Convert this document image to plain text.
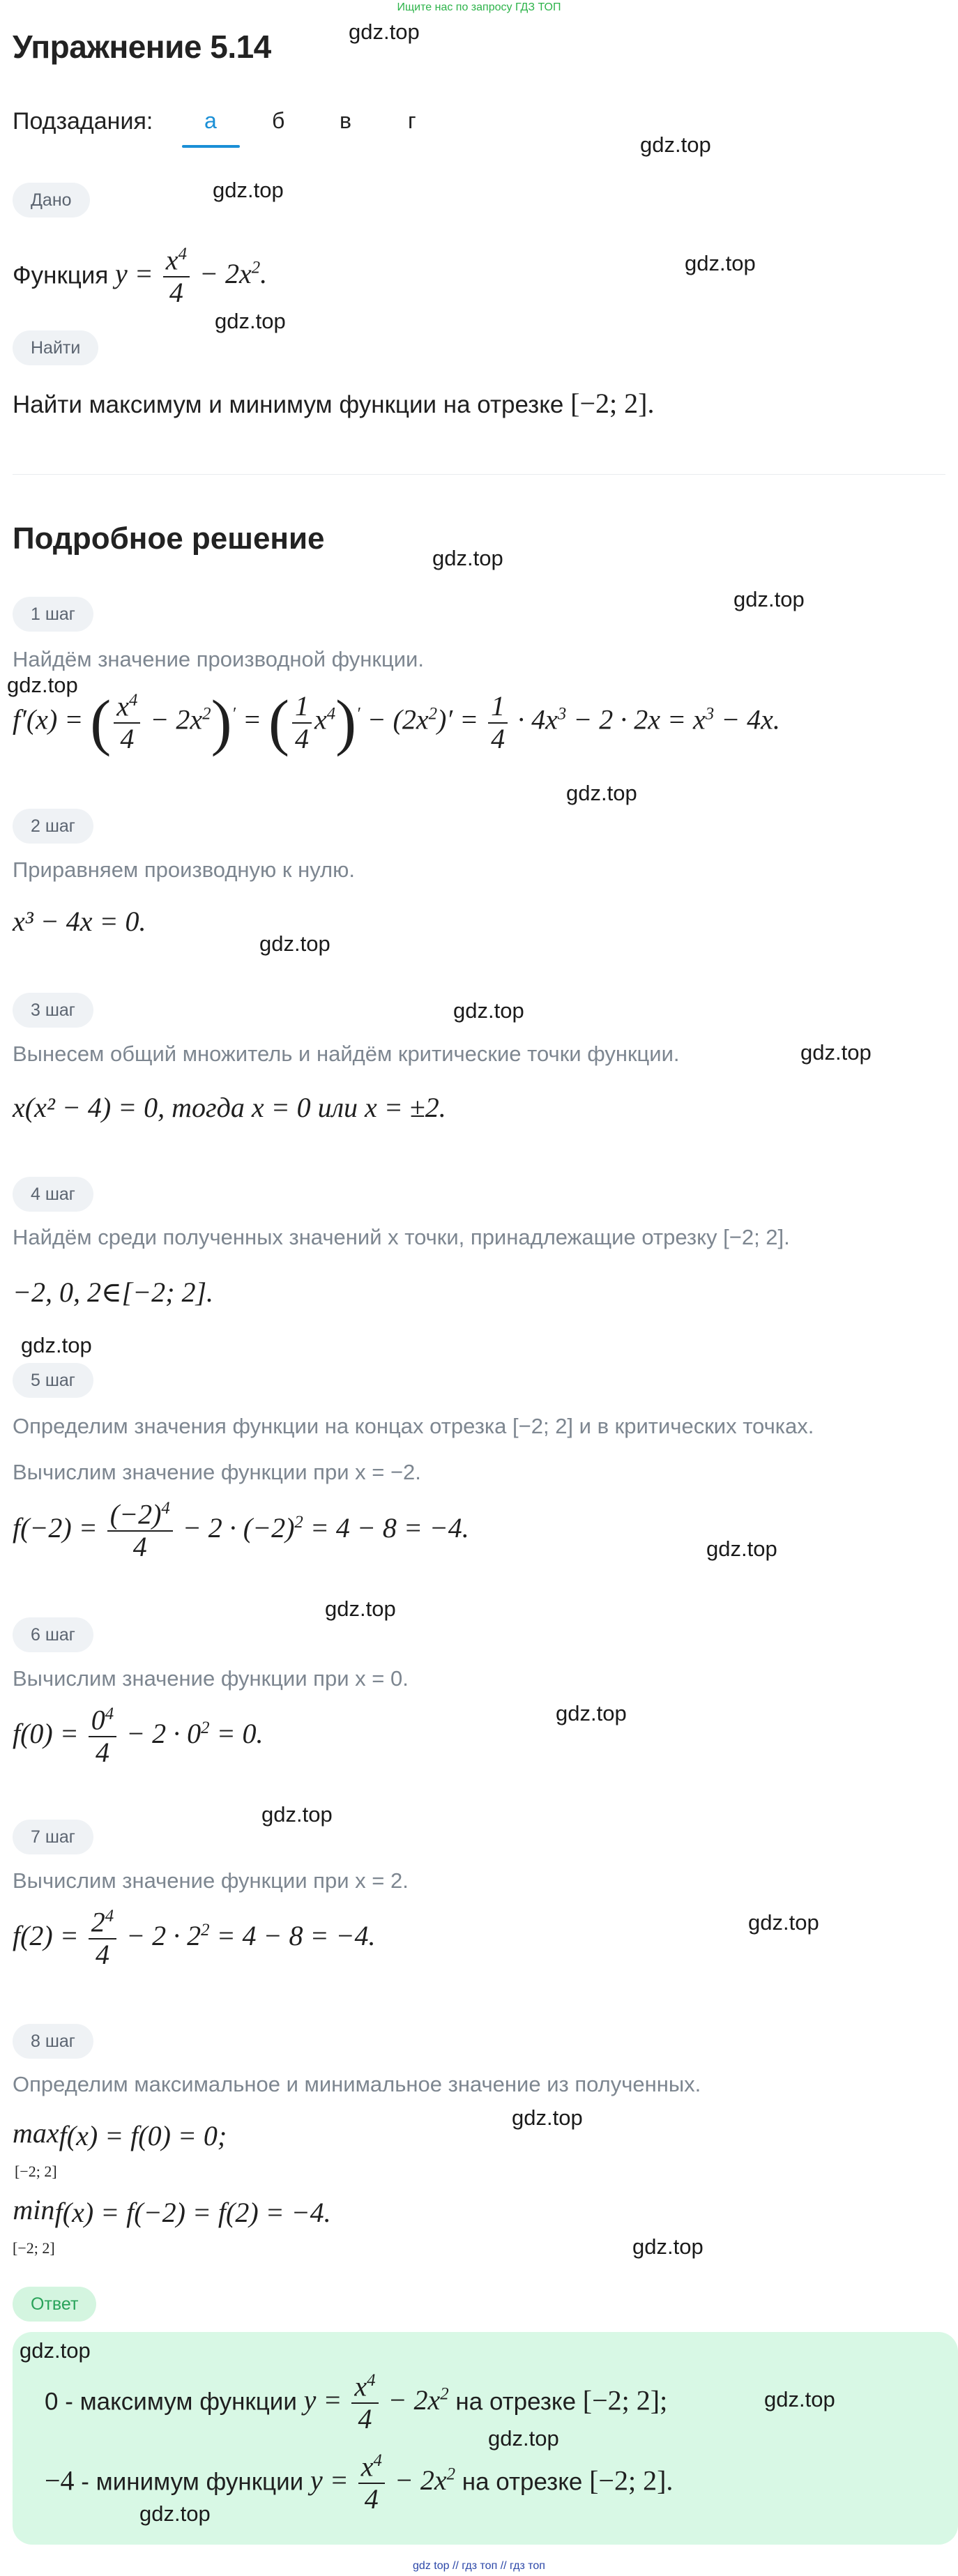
Ищите нас по запросу ГДЗ ТОП
Упражнение 5.14
Подзадания: а б в	г
Дано
Функция $y = \frac{x^4}{4} - 2x^2$.
Найти
Найти максимум и минимум функции на отрезке [−2; 2].
Подробное решение
1 шаг
Найдём значение производной функции.
f′(x) = ( $\frac{x^4}{4} - 2x^2)'$ = ( $\frac{1}{4} x^4)' - (2x^2)' = \frac{1}{4} \cdot 4x^3 - 2 \cdot 2x = x^3 - 4x$.
2 шаг
Приравняем производную к нулю.
x³ − 4x = 0.
3 шаг
Вынесем общий множитель и найдём критические точки функции.
x(x² − 4) = 0, тогда x = 0 или x = ±2.
4 шаг
Найдём среди полученных значений x точки, принадлежащие отрезку [−2; 2].
−2, 0, 2∈[−2; 2].
5 шаг
Определим значения функции на концах отрезка [−2; 2] и в критических точках.
Вычислим значение функции при x = −2.
$f(-2) = \frac{(-2)^4}{4} - 2 \cdot (-2)^2 = 4 - 8 = -4$.
6 шаг
Вычислим значение функции при x = 0.
$f(0) = \frac{0^4}{4} - 2 \cdot 0^2 = 0$.
7 шаг
Вычислим значение функции при x = 2.
$f(2) = \frac{2^4}{4} - 2 \cdot 2^2 = 4 - 8 = -4$.
8 шаг
Определим максимальное и минимальное значение из полученных.
max
$_{[-2; 2]}$f(x) = f(0) = 0;
min
$_{[-2; 2]}$f(x) = f(−2) = f(2) = −4.
Ответ
0 - максимум функции $y = \frac{x^4}{4} - 2x^2$ на отрезке [−2; 2];
−4 - минимум функции $y = \frac{x^4}{4} - 2x^2$ на отрезке [−2; 2].
gdz top // гдз топ // гдз топ
gdz.top
gdz.top
gdz.top
gdz.top
gdz.top
gdz.top
gdz.top
gdz.top
gdz.top
gdz.top
gdz.top
gdz.top
gdz.top
gdz.top
gdz.top
gdz.top
gdz.top
gdz.top
gdz.top
gdz.top
gdz.top
gdz.top
gdz.top
gdz.top
